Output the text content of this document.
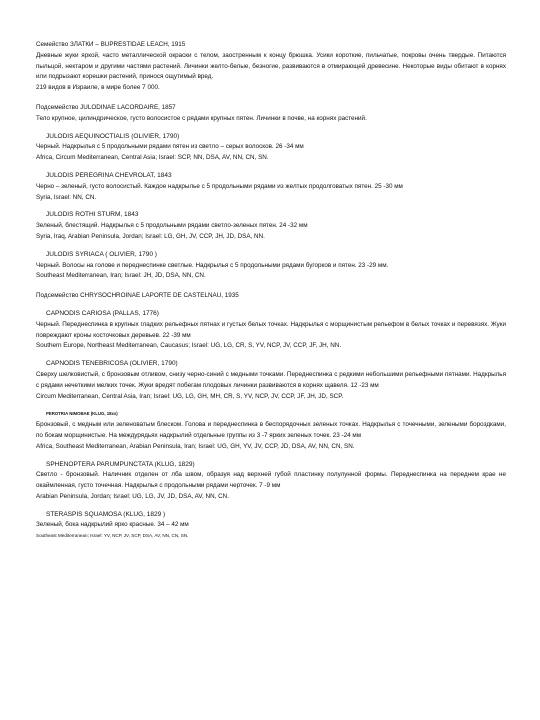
Семейство ЗЛАТКИ – BUPRESTIDAE LEACH, 1915

Дневные жуки яркой, часто металлической окраски с телом, заостренным к концу брюшка. Усики короткие, пильчатые, покровы очень твердые. Питаются пыльцой, нектаром и другими частями растений. Личинки желто-белые, безногие, развиваются в отмирающей древесине. Некоторые виды обитают в корнях или подрызают корешки растений, принося ощутимый вред.

219 видов в Израиле, в мире более 7 000.

Подсемейство JULODINAE LACORDAIRE, 1857

Тело крупное, цилиндрическое, густо волосистое с рядами крупных пятен. Личинки в почве, на корнях растений.

JULODIS AEQUINOCTIALIS (OLIVIER, 1790)

Черный. Надкрылья с 5 продольными рядами пятен из светло – серых волосков. 26 -34 мм

Africa, Circum Mediterranean, Central Asia; Israel: SCP, NN, DSA, AV, NN, CN, SN.

JULODIS PEREGRINA CHEVROLAT, 1843

Черно – зеленый, густо волосистый. Каждое надкрылье с 5 продольными рядами из желтых продолговатых пятен. 25 -30 мм

Syria, Israel: NN, CN.

JULODIS ROTHI STURM, 1843

Зеленый, блестящий. Надкрылья с 5 продольными рядами светло-зеленых пятен. 24 -32 мм

Syria, Iraq, Arabian Peninsula, Jordan; Israel: LG, GH, JV, CCP, JH, JD, DSA, NN.

JULODIS SYRIACA ( OLIVIER, 1790 )

Черный. Волосы на голове и переднеспинке светлые. Надкрылья с 5 продольными рядами бугорков и пятен. 23 -29 мм.

Southeast Mediterranean, Iran; Israel: JH, JD, DSA, NN, CN.

Подсемейство CHRYSOCHROINAE LAPORTE DE CASTELNAU, 1935

CAPNODIS CARIOSA (PALLAS, 1776)

Черный. Переднеспинка в крупных гладких рельефных пятнах и густых белых точках. Надкрылья с морщинистым рельефом в белых точках и перевязях. Жуки повреждают кроны косточковых деревьев. 22 -39 мм

Southern Europe, Northeast Mediterranean, Caucasus; Israel: UG, LG, CR, S, YV, NCP, JV, CCP, JF, JH, NN.

CAPNODIS TENEBRICOSA (OLIVIER, 1790)

Сверху шелковистый, с бронзовым отливом, снизу черно-синий с медными точками. Переднеспинка с редкими небольшими рельефными пятнами. Надкрылья с рядами нечеткими мелких точек. Жуки вредят побегам плодовых личинки развиваются в корнях щавеля. 12 -23 мм

Circum Mediterranean, Central Asia, Iran; Israel: UG, LG, GH, MH, CR, S, YV, NCP, JV, CCP, JF, JH, JD, SCP.

PEROTRIA NIMOBAE (KLUG, 18xx)

Бронзовый, с медным или зеленоватым блеском. Голова и переднеспинка в беспорядочных зеленых точках. Надкрылья с точечными, зелеными бороздками, по бокам морщинистые. На междурядьях надкрылий отдельные группы из 3 -7 ярких зеленых точек. 23 -24 мм

Africa, Southeast Mediterranean, Arabian Peninsula, Iran; Israel: UG, GH, YV, JV, CCP, JD, DSA, AV, NN, CN, SN.

SPHENOPTERA PARUMPUNCTATA (KLUG, 1829)

Светло - бронзовый. Наличник отделен от лба швом, образуя над верхней губой пластинку полулунной формы. Переднеспинка на переднем крае не окаймленная, густо точечная. Надкрылья с продольными рядами черточек. 7 -9 мм

Arabian Peninsula, Jordan; Israel: UG, LG, JV, JD, DSA, AV, NN, CN.

STERASPIS SQUAMOSA (KLUG, 1829 )

Зеленый, бока надкрылий ярко красные. 34 – 42 мм

Southeast Mediterranean; Israel: YV, NCP, JV, SCP, DSA, AV, NN, CN, SN.
